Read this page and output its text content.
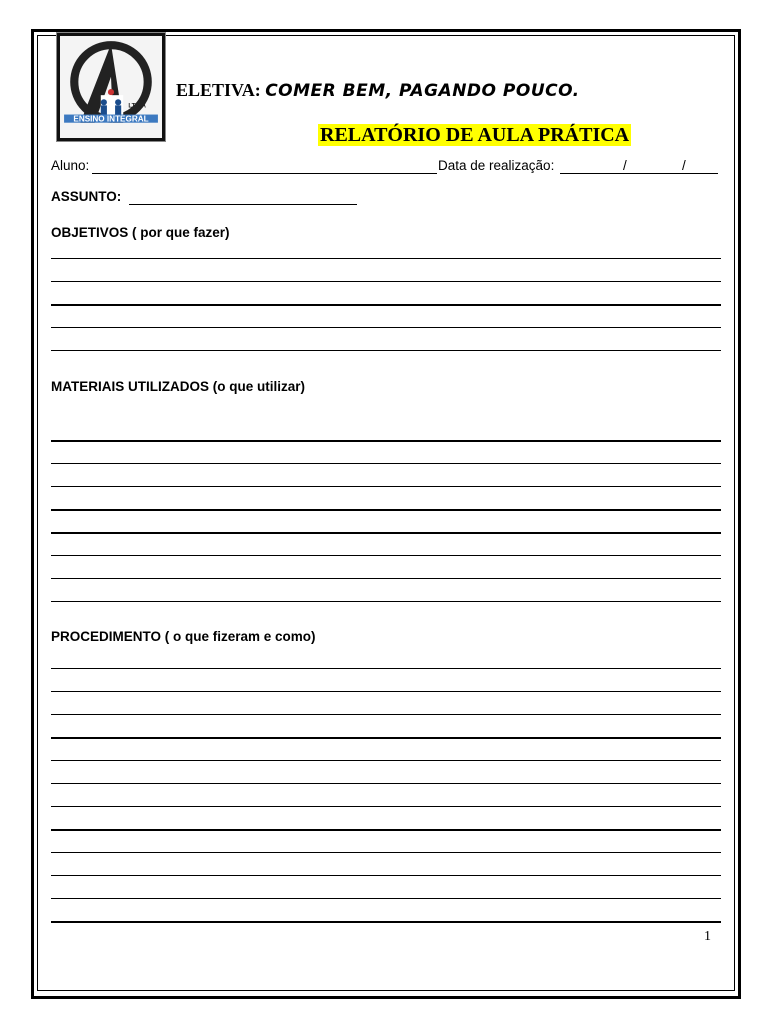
LTINA
ENSINO INTEGRAL
ELETIVA: COMER BEM, PAGANDO POUCO.
RELATÓRIO DE AULA PRÁTICA
Aluno:	Data de realização:	/	/
ASSUNTO:
OBJETIVOS ( por que fazer)
MATERIAIS UTILIZADOS (o que utilizar)
PROCEDIMENTO ( o que fizeram e como)
1
